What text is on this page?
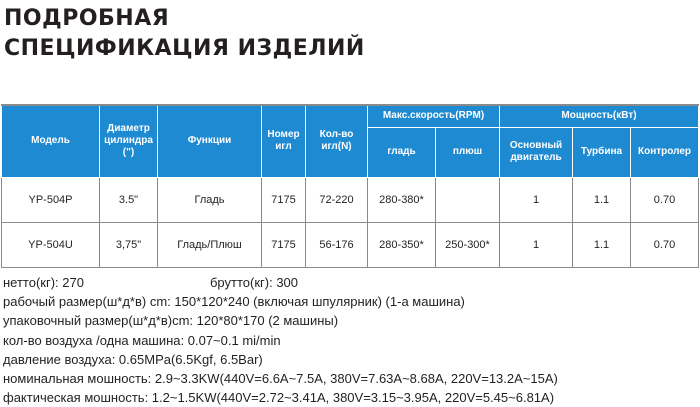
ПОДРОБНАЯ
СПЕЦИФИКАЦИЯ ИЗДЕЛИЙ
Модель	Диаметр цилиндра (")	Функции	Номер игл	Кол-во игл(N)	Макс.скорость(RPM)		Мощность(кВт)		
					гладь	плюш	Основный двигатель	Турбина	Контролер
YP-504P	3.5"	Гладь	7175	72-220	280-380*		1	1.1	0.70
YP-504U	3,75"	Гладь/Плюш	7175	56-176	280-350*	250-300*	1	1.1	0.70
нетто(кг): 270	брутто(кг): 300
рабочый размер(ш*д*в) cm: 150*120*240 (включая шпулярник) (1-а машина)
упаковочный размер(ш*д*в)cm: 120*80*170 (2 машины)
кол-во воздуха /одна машина: 0.07~0.1 mi/min
давление воздуха: 0.65MPa(6.5Kgf, 6.5Bar)
номинальная мошность: 2.9~3.3KW(440V=6.6A~7.5A, 380V=7.63A~8.68A, 220V=13.2A~15A)
фактическая мошность: 1.2~1.5KW(440V=2.72~3.41A, 380V=3.15~3.95A, 220V=5.45~6.81A)
